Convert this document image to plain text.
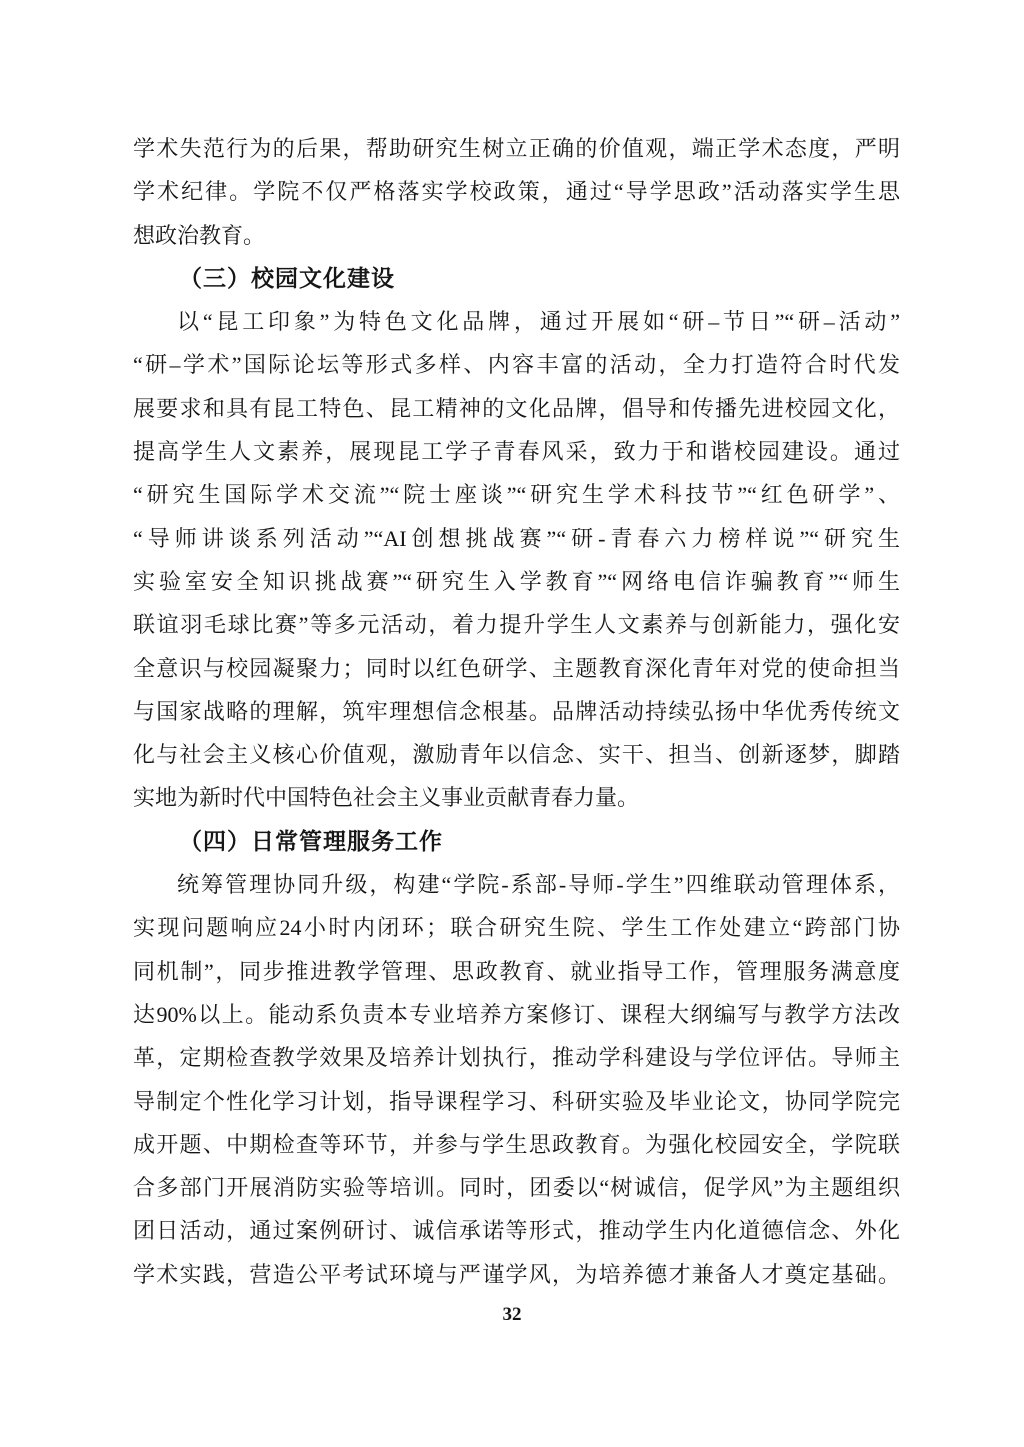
学术失范行为的后果，帮助研究生树立正确的价值观，端正学术态度，严明
学术纪律。学院不仅严格落实学校政策，通过“导学思政”活动落实学生思
想政治教育。
（三）校园文化建设
以“昆工印象”为特色文化品牌，通过开展如“研–节日”“研–活动”
“研–学术”国际论坛等形式多样、内容丰富的活动，全力打造符合时代发
展要求和具有昆工特色、昆工精神的文化品牌，倡导和传播先进校园文化，
提高学生人文素养，展现昆工学子青春风采，致力于和谐校园建设。通过
“研究生国际学术交流”“院士座谈”“研究生学术科技节”“红色研学”、
“导师讲谈系列活动”“AI创想挑战赛”“研-青春六力榜样说”“研究生
实验室安全知识挑战赛”“研究生入学教育”“网络电信诈骗教育”“师生
联谊羽毛球比赛”等多元活动，着力提升学生人文素养与创新能力，强化安
全意识与校园凝聚力；同时以红色研学、主题教育深化青年对党的使命担当
与国家战略的理解，筑牢理想信念根基。品牌活动持续弘扬中华优秀传统文
化与社会主义核心价值观，激励青年以信念、实干、担当、创新逐梦，脚踏
实地为新时代中国特色社会主义事业贡献青春力量。
（四）日常管理服务工作
统筹管理协同升级，构建“学院-系部-导师-学生”四维联动管理体系，
实现问题响应24小时内闭环；联合研究生院、学生工作处建立“跨部门协
同机制”，同步推进教学管理、思政教育、就业指导工作，管理服务满意度
达90%以上。能动系负责本专业培养方案修订、课程大纲编写与教学方法改
革，定期检查教学效果及培养计划执行，推动学科建设与学位评估。导师主
导制定个性化学习计划，指导课程学习、科研实验及毕业论文，协同学院完
成开题、中期检查等环节，并参与学生思政教育。为强化校园安全，学院联
合多部门开展消防实验等培训。同时，团委以“树诚信，促学风”为主题组织
团日活动，通过案例研讨、诚信承诺等形式，推动学生内化道德信念、外化
学术实践，营造公平考试环境与严谨学风，为培养德才兼备人才奠定基础。
32
